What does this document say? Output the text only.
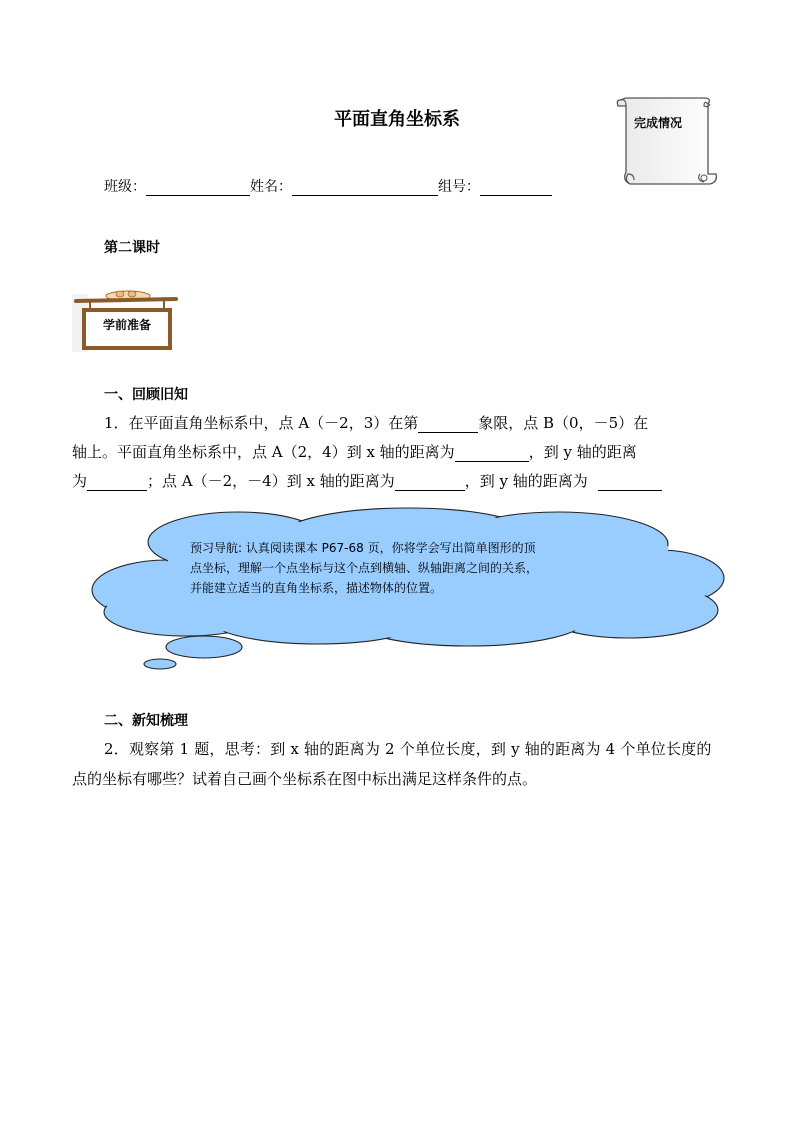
平面直角坐标系	完成情况
班级：	姓名：	组号：
第二课时
学前准备
一、回顾旧知
1．在平面直角坐标系中，点 A（－2，3）在第	象限，点 B（0，－5）在
轴上。平面直角坐标系中，点 A（2，4）到 x 轴的距离为	，到 y 轴的距离
为	；点 A（－2，－4）到 x 轴的距离为	，到 y 轴的距离为
预习导航: 认真阅读课本 P67-68 页，你将学会写出简单图形的顶
点坐标，理解一个点坐标与这个点到横轴、纵轴距离之间的关系，
并能建立适当的直角坐标系，描述物体的位置。
二、新知梳理
2．观察第 1 题，思考：到 x 轴的距离为 2 个单位长度，到 y 轴的距离为 4 个单位长度的
点的坐标有哪些？试着自己画个坐标系在图中标出满足这样条件的点。
